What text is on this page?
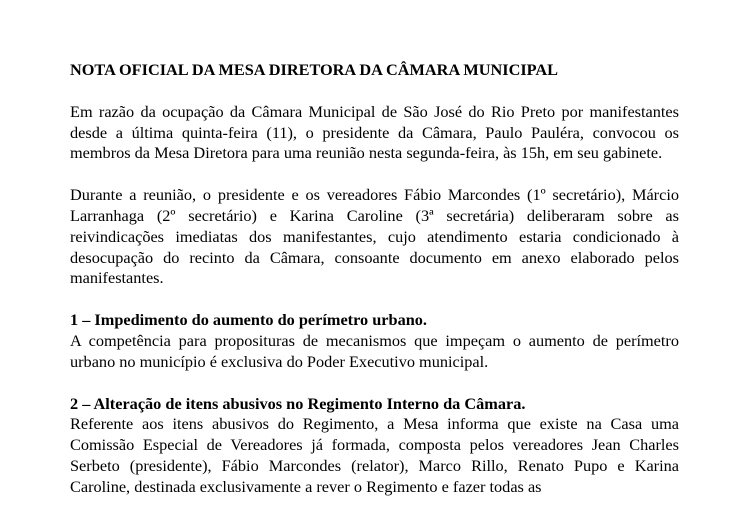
NOTA OFICIAL DA MESA DIRETORA DA CÂMARA MUNICIPAL

Em razão da ocupação da Câmara Municipal de São José do Rio Preto por manifestantes desde a última quinta-feira (11), o presidente da Câmara, Paulo Pauléra, convocou os membros da Mesa Diretora para uma reunião nesta segunda-feira, às 15h, em seu gabinete.

Durante a reunião, o presidente e os vereadores Fábio Marcondes (1º secretário), Márcio Larranhaga (2º secretário) e Karina Caroline (3ª secretária) deliberaram sobre as reivindicações imediatas dos manifestantes, cujo atendimento estaria condicionado à desocupação do recinto da Câmara, consoante documento em anexo elaborado pelos manifestantes.

1 – Impedimento do aumento do perímetro urbano.

A competência para proposituras de mecanismos que impeçam o aumento de perímetro urbano no município é exclusiva do Poder Executivo municipal.

2 – Alteração de itens abusivos no Regimento Interno da Câmara.

Referente aos itens abusivos do Regimento, a Mesa informa que existe na Casa uma Comissão Especial de Vereadores já formada, composta pelos vereadores Jean Charles Serbeto (presidente), Fábio Marcondes (relator), Marco Rillo, Renato Pupo e Karina Caroline, destinada exclusivamente a rever o Regimento e fazer todas as
